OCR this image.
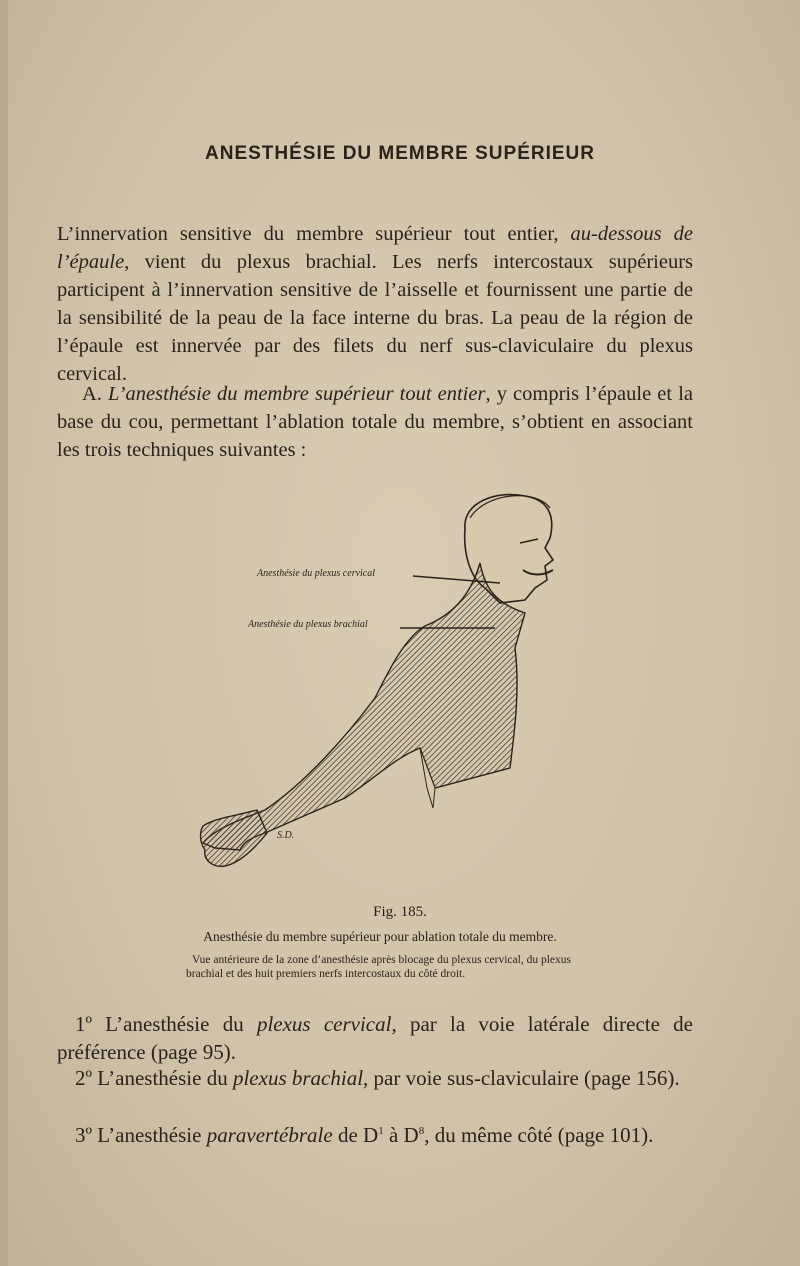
ANESTHÉSIE DU MEMBRE SUPÉRIEUR
L’innervation sensitive du membre supérieur tout entier, au-dessous de l’épaule, vient du plexus brachial. Les nerfs intercostaux supérieurs participent à l’innervation sensitive de l’aisselle et fournissent une partie de la sensibilité de la peau de la face interne du bras. La peau de la région de l’épaule est innervée par des filets du nerf sus-claviculaire du plexus cervical.
A. L’anesthésie du membre supérieur tout entier, y compris l’épaule et la base du cou, permettant l’ablation totale du membre, s’obtient en associant les trois techniques suivantes :
S.D.
Anesthésie du plexus cervical
Anesthésie du plexus brachial
Fig. 185.
Anesthésie du membre supérieur pour ablation totale du membre.
Vue antérieure de la zone d’anesthésie après blocage du plexus cervical, du plexus brachial et des huit premiers nerfs intercostaux du côté droit.
1º L’anesthésie du plexus cervical, par la voie latérale directe de préférence (page 95).
2º L’anesthésie du plexus brachial, par voie sus-claviculaire (page 156).
3º L’anesthésie paravertébrale de $D^1$ à $D^8$, du même côté (page 101).
